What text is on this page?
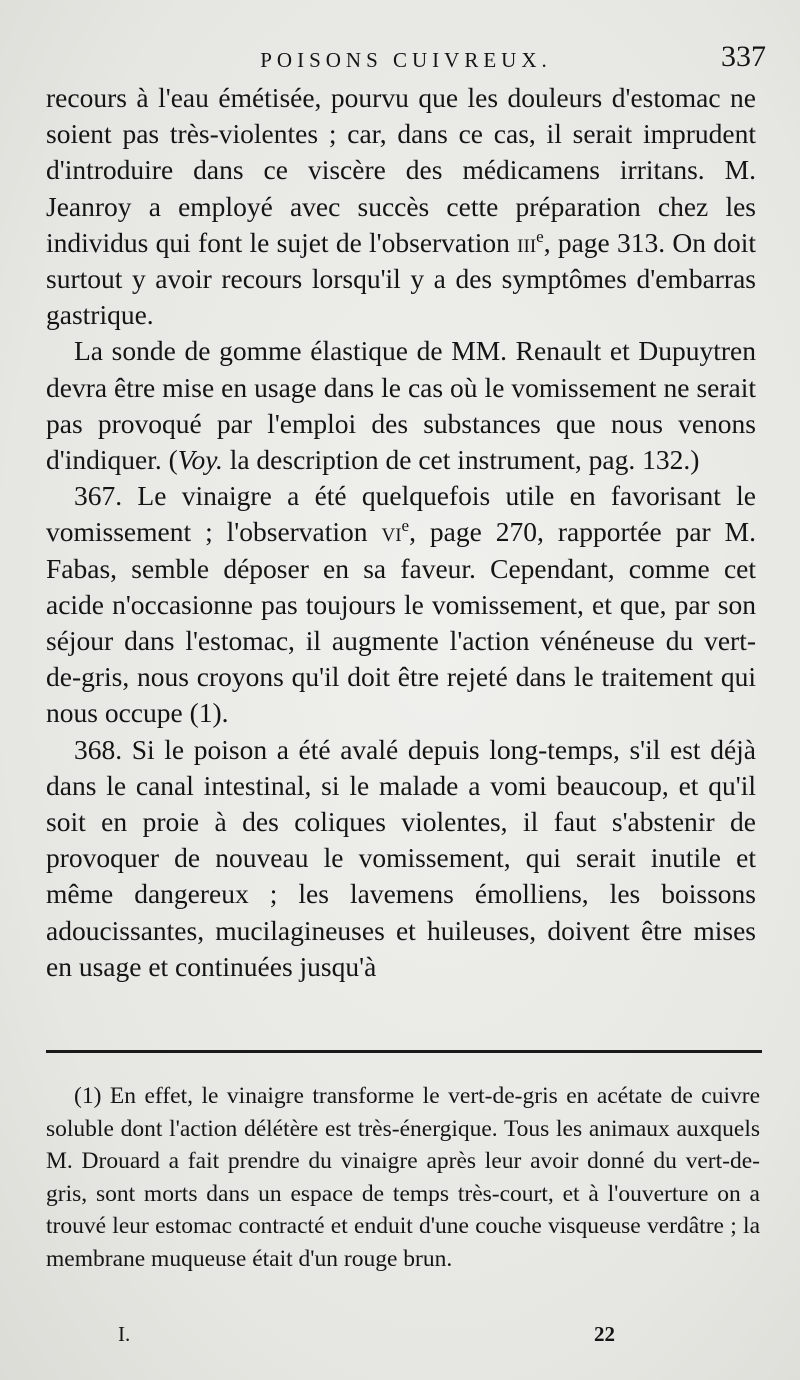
POISONS CUIVREUX.	337

recours à l'eau émétisée, pourvu que les douleurs d'estomac ne soient pas très-violentes ; car, dans ce cas, il serait imprudent d'introduire dans ce viscère des médicamens irritans. M. Jeanroy a employé avec succès cette préparation chez les individus qui font le sujet de l'observation iii$^e$, page 313. On doit surtout y avoir recours lorsqu'il y a des symptômes d'embarras gastrique.

La sonde de gomme élastique de MM. Renault et Dupuytren devra être mise en usage dans le cas où le vomissement ne serait pas provoqué par l'emploi des substances que nous venons d'indiquer. (Voy. la description de cet instrument, pag. 132.)

367. Le vinaigre a été quelquefois utile en favorisant le vomissement ; l'observation $vi^e$, page 270, rapportée par M. Fabas, semble déposer en sa faveur. Cependant, comme cet acide n'occasionne pas toujours le vomissement, et que, par son séjour dans l'estomac, il augmente l'action vénéneuse du vert-de-gris, nous croyons qu'il doit être rejeté dans le traitement qui nous occupe (1).

368. Si le poison a été avalé depuis long-temps, s'il est déjà dans le canal intestinal, si le malade a vomi beaucoup, et qu'il soit en proie à des coliques violentes, il faut s'abstenir de provoquer de nouveau le vomissement, qui serait inutile et même dangereux ; les lavemens émolliens, les boissons adoucissantes, mucilagineuses et huileuses, doivent être mises en usage et continuées jusqu'à

(1) En effet, le vinaigre transforme le vert-de-gris en acétate de cuivre soluble dont l'action délétère est très-énergique. Tous les animaux auxquels M. Drouard a fait prendre du vinaigre après leur avoir donné du vert-de-gris, sont morts dans un espace de temps très-court, et à l'ouverture on a trouvé leur estomac contracté et enduit d'une couche visqueuse verdâtre ; la membrane muqueuse était d'un rouge brun.

I.	22
